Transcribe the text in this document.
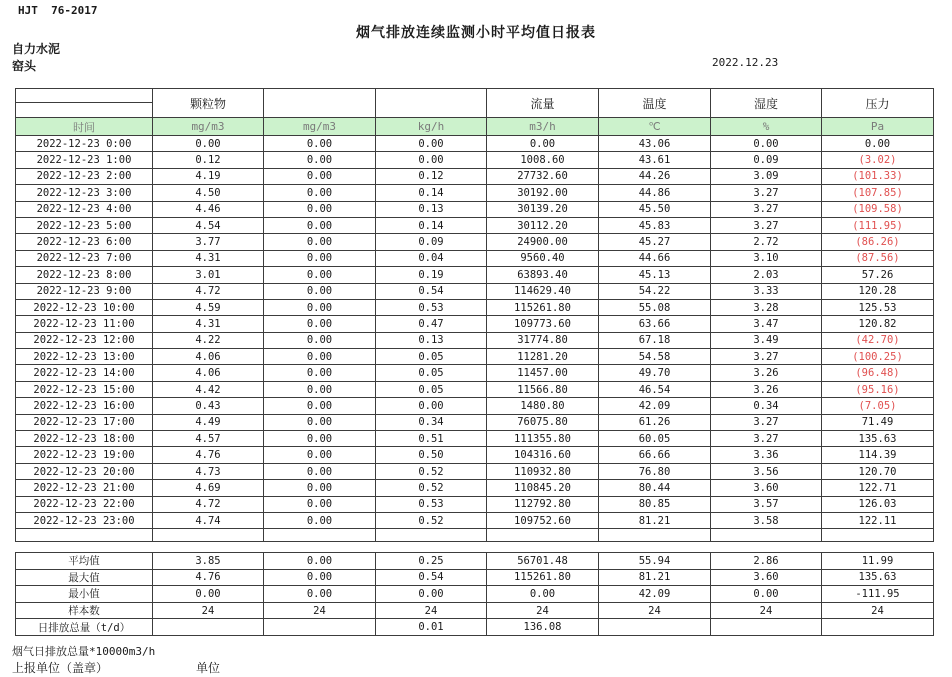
HJT  76-2017
烟气排放连续监测小时平均值日报表
自力水泥
窑头	2022.12.23
	颗粒物			流量	温度	湿度	压力
时间	mg/m3	mg/m3	kg/h	m3/h	℃	%	Pa
2022-12-23 0:00	0.00	0.00	0.00	0.00	43.06	0.00	0.00
2022-12-23 1:00	0.12	0.00	0.00	1008.60	43.61	0.09	(3.02)
2022-12-23 2:00	4.19	0.00	0.12	27732.60	44.26	3.09	(101.33)
2022-12-23 3:00	4.50	0.00	0.14	30192.00	44.86	3.27	(107.85)
2022-12-23 4:00	4.46	0.00	0.13	30139.20	45.50	3.27	(109.58)
2022-12-23 5:00	4.54	0.00	0.14	30112.20	45.83	3.27	(111.95)
2022-12-23 6:00	3.77	0.00	0.09	24900.00	45.27	2.72	(86.26)
2022-12-23 7:00	4.31	0.00	0.04	9560.40	44.66	3.10	(87.56)
2022-12-23 8:00	3.01	0.00	0.19	63893.40	45.13	2.03	57.26
2022-12-23 9:00	4.72	0.00	0.54	114629.40	54.22	3.33	120.28
2022-12-23 10:00	4.59	0.00	0.53	115261.80	55.08	3.28	125.53
2022-12-23 11:00	4.31	0.00	0.47	109773.60	63.66	3.47	120.82
2022-12-23 12:00	4.22	0.00	0.13	31774.80	67.18	3.49	(42.70)
2022-12-23 13:00	4.06	0.00	0.05	11281.20	54.58	3.27	(100.25)
2022-12-23 14:00	4.06	0.00	0.05	11457.00	49.70	3.26	(96.48)
2022-12-23 15:00	4.42	0.00	0.05	11566.80	46.54	3.26	(95.16)
2022-12-23 16:00	0.43	0.00	0.00	1480.80	42.09	0.34	(7.05)
2022-12-23 17:00	4.49	0.00	0.34	76075.80	61.26	3.27	71.49
2022-12-23 18:00	4.57	0.00	0.51	111355.80	60.05	3.27	135.63
2022-12-23 19:00	4.76	0.00	0.50	104316.60	66.66	3.36	114.39
2022-12-23 20:00	4.73	0.00	0.52	110932.80	76.80	3.56	120.70
2022-12-23 21:00	4.69	0.00	0.52	110845.20	80.44	3.60	122.71
2022-12-23 22:00	4.72	0.00	0.53	112792.80	80.85	3.57	126.03
2022-12-23 23:00	4.74	0.00	0.52	109752.60	81.21	3.58	122.11

平均值	3.85	0.00	0.25	56701.48	55.94	2.86	11.99
最大值	4.76	0.00	0.54	115261.80	81.21	3.60	135.63
最小值	0.00	0.00	0.00	0.00	42.09	0.00	-111.95
样本数	24	24	24	24	24	24	24
日排放总量（t/d）			0.01	136.08			
烟气日排放总量*10000m3/h
上报单位（盖章）	单位
